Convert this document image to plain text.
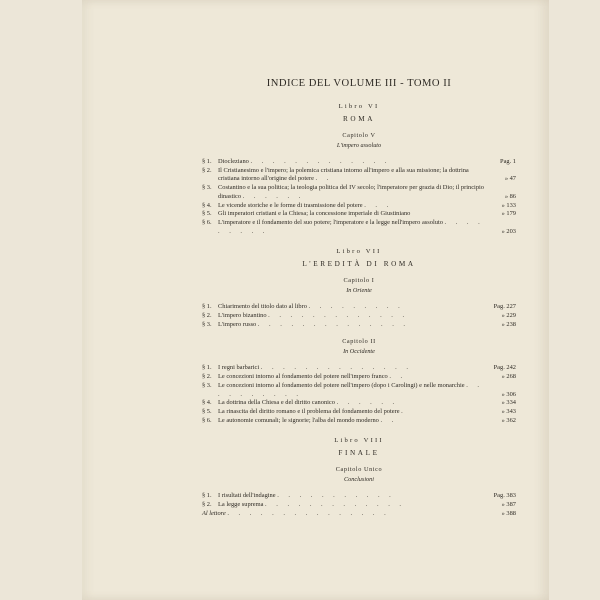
INDICE DEL VOLUME III - TOMO II
Libro VI
ROMA
Capitolo V
L'impero assoluto
§ 1. Diocleziano . . . . . . . . . . . . .	Pag. 1
§ 2. Il Cristianesimo e l'impero; la polemica cristiana intorno all'impero e alla sua missione; la dottrina cristiana intorno all'origine del potere . .	» 47
§ 3. Costantino e la sua politica; la teologia politica del IV secolo; l'imperatore per grazia di Dio; il principio dinastico . . . . . .	» 86
§ 4. Le vicende storiche e le forme di trasmissione del potere . . .	» 133
§ 5. Gli imperatori cristiani e la Chiesa; la concessione imperiale di Giustiniano	» 179
§ 6. L'imperatore e il fondamento del suo potere; l'imperatore e la legge nell'impero assoluto . . . . . . . . .	» 203
Libro VII
L'EREDITÀ DI ROMA
Capitolo I
In Oriente
§ 1. Chiarimento del titolo dato al libro . . . . . . . . .	Pag. 227
§ 2. L'impero bizantino . . . . . . . . . . . . .	» 229
§ 3. L'impero russo . . . . . . . . . . . . . .	» 238
Capitolo II
In Occidente
§ 1. I regni barbarici . . . . . . . . . . . . . .	Pag. 242
§ 2. Le concezioni intorno al fondamento del potere nell'impero franco . .	» 268
§ 3. Le concezioni intorno al fondamento del potere nell'impero (dopo i Carolingi) e nelle monarchie . . . . . . . . . .	» 306
§ 4. La dottrina della Chiesa e del diritto canonico . . . . . .	» 334
§ 5. La rinascita del diritto romano e il problema del fondamento del potere .	» 343
§ 6. Le autonomie comunali; le signorie; l'alba del mondo moderno . .	» 362
Libro VIII
FINALE
Capitolo Unico
Conclusioni
§ 1. I risultati dell'indagine . . . . . . . . . . .	Pag. 383
§ 2. La legge suprema . . . . . . . . . . . . .	» 387
Al lettore . . . . . . . . . . . . . . .	» 388
